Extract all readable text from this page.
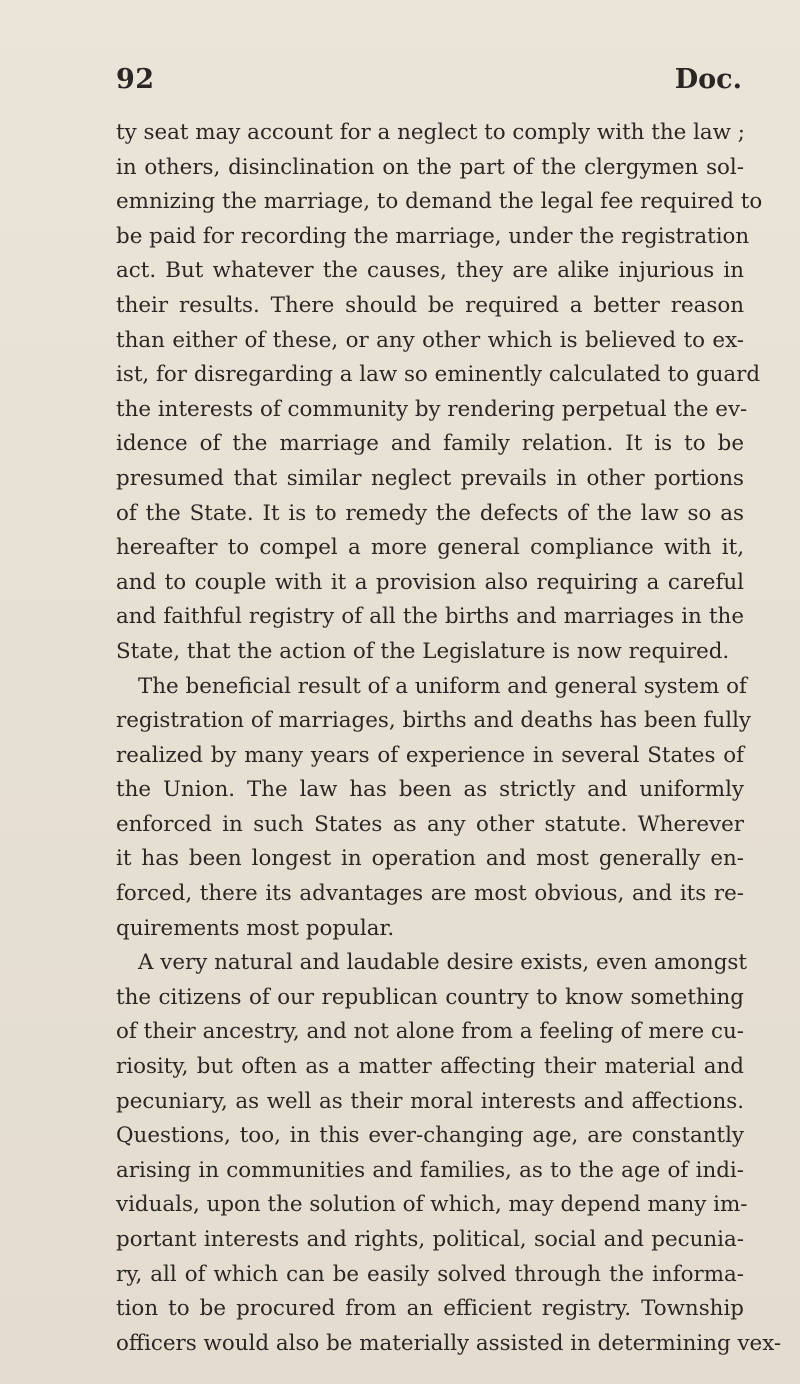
92	Doc.
ty seat may account for a neglect to comply with the law ;
in others, disinclination on the part of the clergymen sol-
emnizing the marriage, to demand the legal fee required to
be paid for recording the marriage, under the registration
act. But whatever the causes, they are alike injurious in
their results. There should be required a better reason
than either of these, or any other which is believed to ex-
ist, for disregarding a law so eminently calculated to guard
the interests of community by rendering perpetual the ev-
idence of the marriage and family relation. It is to be
presumed that similar neglect prevails in other portions
of the State. It is to remedy the defects of the law so as
hereafter to compel a more general compliance with it,
and to couple with it a provision also requiring a careful
and faithful registry of all the births and marriages in the
State, that the action of the Legislature is now required.
The beneficial result of a uniform and general system of
registration of marriages, births and deaths has been fully
realized by many years of experience in several States of
the Union. The law has been as strictly and uniformly
enforced in such States as any other statute. Wherever
it has been longest in operation and most generally en-
forced, there its advantages are most obvious, and its re-
quirements most popular.
A very natural and laudable desire exists, even amongst
the citizens of our republican country to know something
of their ancestry, and not alone from a feeling of mere cu-
riosity, but often as a matter affecting their material and
pecuniary, as well as their moral interests and affections.
Questions, too, in this ever-changing age, are constantly
arising in communities and families, as to the age of indi-
viduals, upon the solution of which, may depend many im-
portant interests and rights, political, social and pecunia-
ry, all of which can be easily solved through the informa-
tion to be procured from an efficient registry. Township
officers would also be materially assisted in determining vex-
